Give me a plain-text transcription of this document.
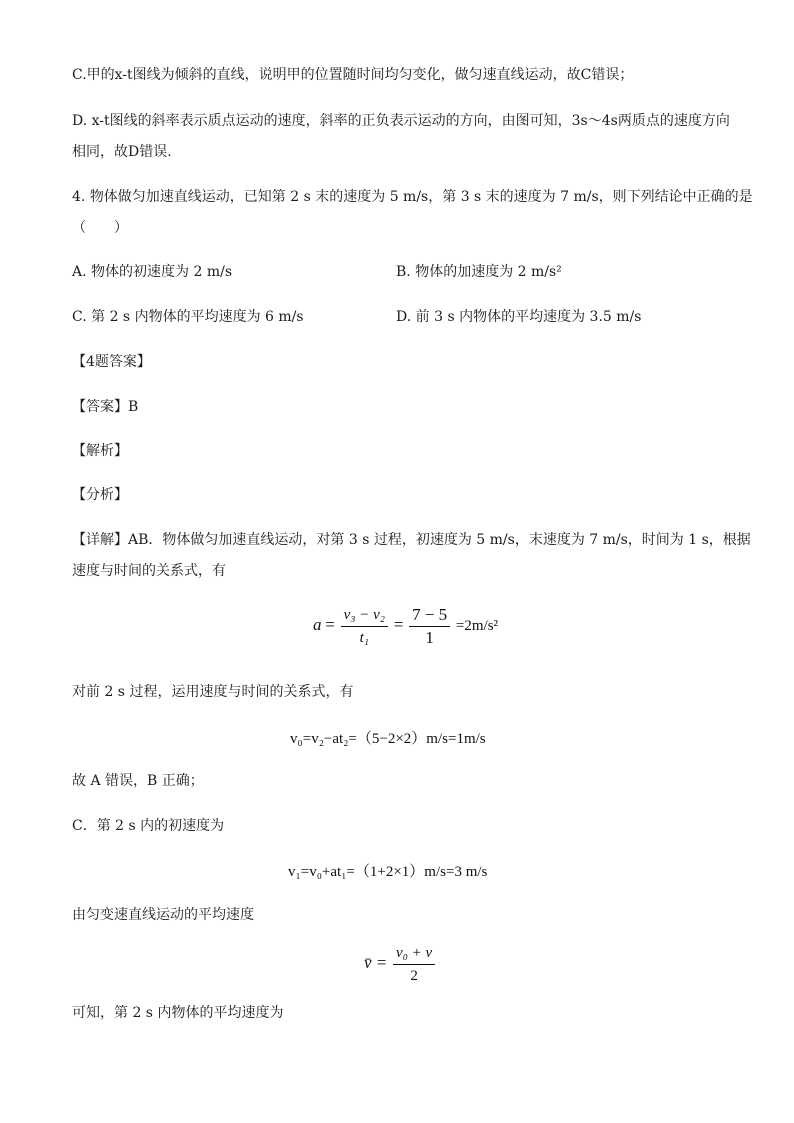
C.甲的x-t图线为倾斜的直线，说明甲的位置随时间均匀变化，做匀速直线运动，故C错误；
D. x-t图线的斜率表示质点运动的速度，斜率的正负表示运动的方向，由图可知，3s～4s两质点的速度方向
相同，故D错误.
4. 物体做匀加速直线运动，已知第 2 s 末的速度为 5 m/s，第 3 s 末的速度为 7 m/s，则下列结论中正确的是
（　　）
A. 物体的初速度为 2 m/s	B. 物体的加速度为 2 m/s²
C. 第 2 s 内物体的平均速度为 6 m/s	D. 前 3 s 内物体的平均速度为 3.5 m/s
【4题答案】
【答案】B
【解析】
【分析】
【详解】AB．物体做匀加速直线运动，对第 3 s 过程，初速度为 5 m/s，末速度为 7 m/s，时间为 1 s，根据
速度与时间的关系式，有
$a = \frac{\text{v₃ − v₂}}{\text{t₁}} = \frac{7 - 5}{1} =2m/s^2$
对前 2 s 过程，运用速度与时间的关系式，有
v₀=v₂−at₂=（5−2×2）m/s=1m/s
故 A 错误，B 正确；
C．第 2 s 内的初速度为
v₁=v₀+at₁=（1+2×1）m/s=3 m/s
由匀变速直线运动的平均速度
v̄ = $\frac{\text{v₀ + v}}{2}$
可知，第 2 s 内物体的平均速度为
